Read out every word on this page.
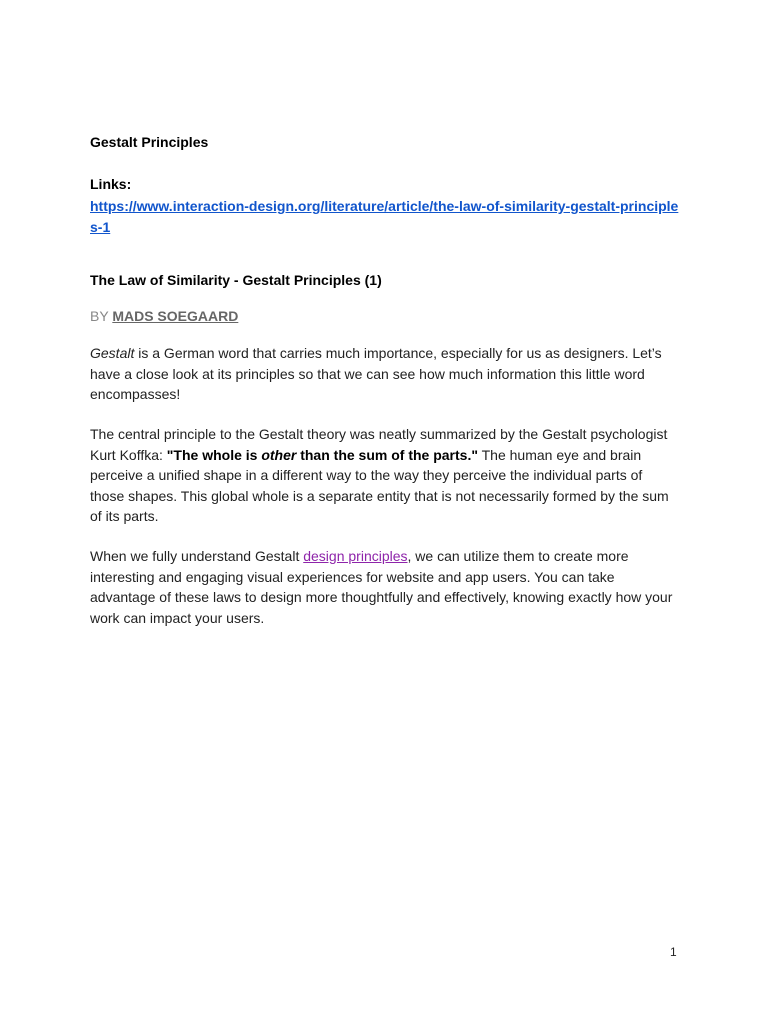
Gestalt Principles

Links:

https://www.interaction-design.org/literature/article/the-law-of-similarity-gestalt-principles-1
The Law of Similarity - Gestalt Principles (1)

BY MADS SOEGAARD

Gestalt is a German word that carries much importance, especially for us as designers. Let’s have a close look at its principles so that we can see how much information this little word encompasses!

The central principle to the Gestalt theory was neatly summarized by the Gestalt psychologist Kurt Koffka: "The whole is other than the sum of the parts." The human eye and brain perceive a unified shape in a different way to the way they perceive the individual parts of those shapes. This global whole is a separate entity that is not necessarily formed by the sum of its parts.

When we fully understand Gestalt design principles, we can utilize them to create more interesting and engaging visual experiences for website and app users. You can take advantage of these laws to design more thoughtfully and effectively, knowing exactly how your work can impact your users.

1
